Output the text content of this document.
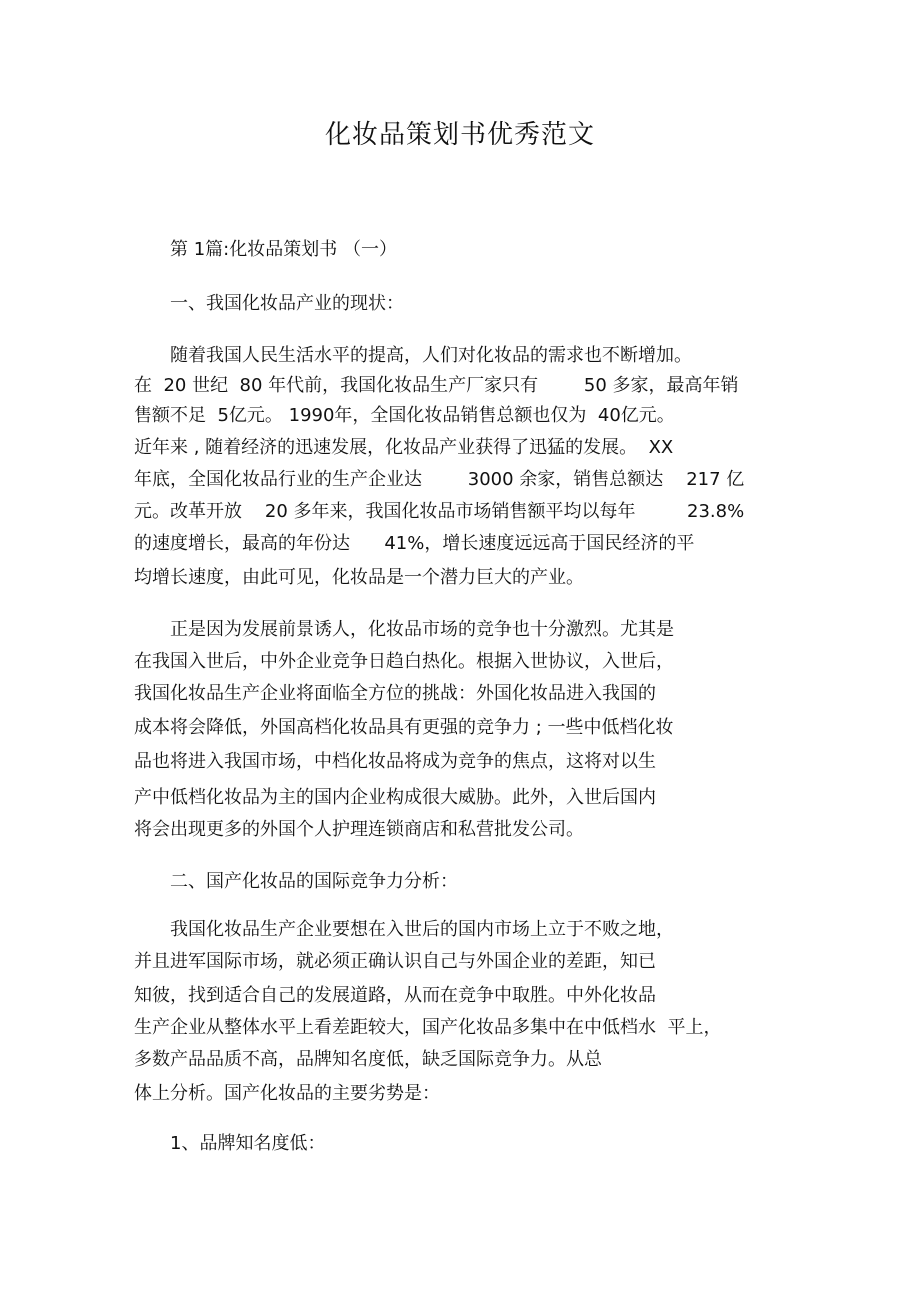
化妆品策划书优秀范文
第 1篇:化妆品策划书 （一）
一、我国化妆品产业的现状：
随着我国人民生活水平的提高，人们对化妆品的需求也不断增加。
在  20 世纪  80 年代前，我国化妆品生产厂家只有        50 多家，最高年销
售额不足  5亿元。 1990年，全国化妆品销售总额也仅为  40亿元。
近年来 , 随着经济的迅速发展，化妆品产业获得了迅猛的发展。  XX
年底，全国化妆品行业的生产企业达        3000 余家，销售总额达    217 亿
元。改革开放    20 多年来，我国化妆品市场销售额平均以每年         23.8%
的速度增长，最高的年份达      41%，增长速度远远高于国民经济的平
均增长速度，由此可见，化妆品是一个潜力巨大的产业。
正是因为发展前景诱人，化妆品市场的竞争也十分激烈。尤其是
在我国入世后，中外企业竞争日趋白热化。根据入世协议，入世后，
我国化妆品生产企业将面临全方位的挑战：外国化妆品进入我国的
成本将会降低，外国高档化妆品具有更强的竞争力 ; 一些中低档化妆
品也将进入我国市场，中档化妆品将成为竞争的焦点，这将对以生
产中低档化妆品为主的国内企业构成很大威胁。此外，入世后国内
将会出现更多的外国个人护理连锁商店和私营批发公司。
二、国产化妆品的国际竞争力分析：
我国化妆品生产企业要想在入世后的国内市场上立于不败之地，
并且进军国际市场，就必须正确认识自己与外国企业的差距，知已
知彼，找到适合自己的发展道路，从而在竞争中取胜。中外化妆品
生产企业从整体水平上看差距较大，国产化妆品多集中在中低档水  平上，
多数产品品质不高，品牌知名度低，缺乏国际竞争力。从总
体上分析。国产化妆品的主要劣势是：
1、品牌知名度低：
